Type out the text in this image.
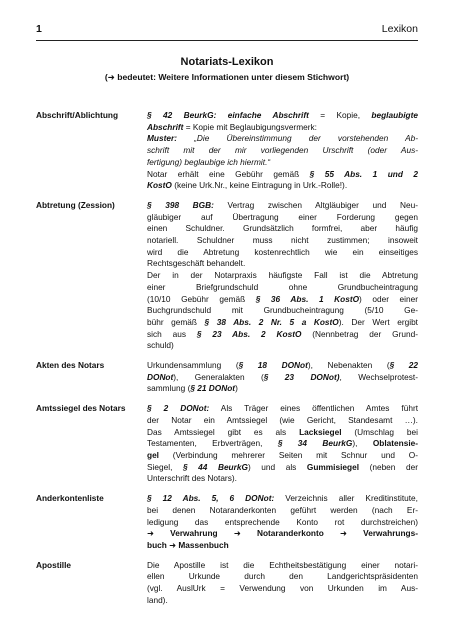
1	Lexikon
Notariats-Lexikon
(➜ bedeutet: Weitere Informationen unter diesem Stichwort)
Abschrift/Ablichtung	§ 42 BeurkG: einfache Abschrift = Kopie, beglaubigte
Abschrift = Kopie mit Beglaubigungsvermerk:
Muster: „Die Übereinstimmung der vorstehenden Ab-
schrift mit der mir vorliegenden Urschrift (oder Aus-
fertigung) beglaubige ich hiermit.“
Notar erhält eine Gebühr gemäß § 55 Abs. 1 und 2
KostO (keine Urk.Nr., keine Eintragung in Urk.-Rolle!).
Abtretung (Zession)	§ 398 BGB: Vertrag zwischen Altgläubiger und Neu-
gläubiger auf Übertragung einer Forderung gegen
einen Schuldner. Grundsätzlich formfrei, aber häufig
notariell. Schuldner muss nicht zustimmen; insoweit
wird die Abtretung kostenrechtlich wie ein einseitiges
Rechtsgeschäft behandelt.
Der in der Notarpraxis häufigste Fall ist die Abtretung
einer Briefgrundschuld ohne Grundbucheintragung
(10/10 Gebühr gemäß § 36 Abs. 1 KostO) oder einer
Buchgrundschuld mit Grundbucheintragung (5/10 Ge-
bühr gemäß § 38 Abs. 2 Nr. 5 a KostO). Der Wert ergibt
sich aus § 23 Abs. 2 KostO (Nennbetrag der Grund-
schuld)
Akten des Notars	Urkundensammlung (§ 18 DONot), Nebenakten (§ 22
DONot), Generalakten (§ 23 DONot), Wechselprotest-
sammlung (§ 21 DONot)
Amtssiegel des Notars	§ 2 DONot: Als Träger eines öffentlichen Amtes führt
der Notar ein Amtssiegel (wie Gericht, Standesamt …).
Das Amtssiegel gibt es als Lacksiegel (Umschlag bei
Testamenten, Erbverträgen, § 34 BeurkG), Oblatensie-
gel (Verbindung mehrerer Seiten mit Schnur und O-
Siegel, § 44 BeurkG) und als Gummisiegel (neben der
Unterschrift des Notars).
Anderkontenliste	§ 12 Abs. 5, 6 DONot: Verzeichnis aller Kreditinstitute,
bei denen Notaranderkonten geführt werden (nach Er-
ledigung das entsprechende Konto rot durchstreichen)
➜ Verwahrung ➜ Notaranderkonto ➜ Verwahrungs-
buch ➜ Massenbuch
Apostille	Die Apostille ist die Echtheitsbestätigung einer notari-
ellen Urkunde durch den Landgerichtspräsidenten
(vgl. AuslUrk = Verwendung von Urkunden im Aus-
land).
